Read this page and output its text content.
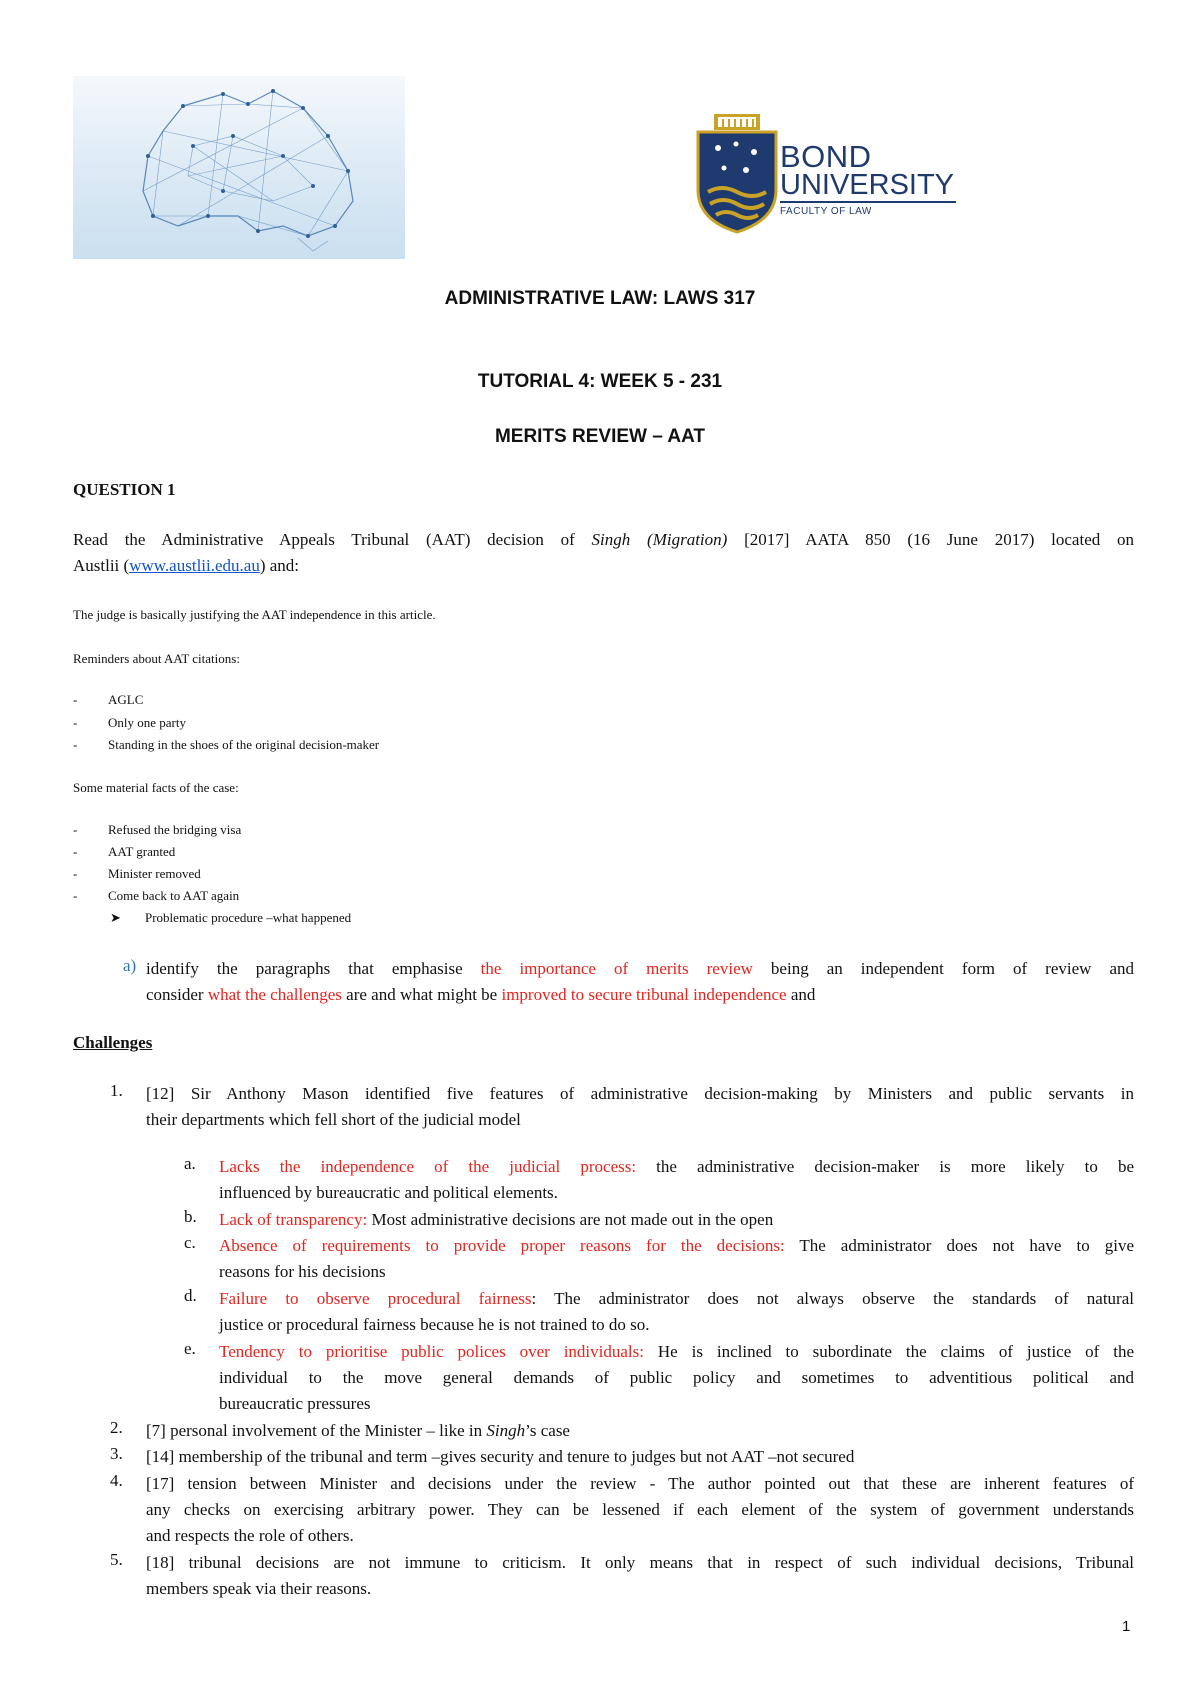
BOND
UNIVERSITY
FACULTY OF LAW
ADMINISTRATIVE LAW: LAWS 317
TUTORIAL 4: WEEK 5 - 231
MERITS REVIEW – AAT
QUESTION 1
Read the Administrative Appeals Tribunal (AAT) decision of Singh (Migration) [2017] AATA 850 (16 June 2017) located on
Austlii (www.austlii.edu.au) and:
The judge is basically justifying the AAT independence in this article.
Reminders about AAT citations:
- AGLC
- Only one party
- Standing in the shoes of the original decision-maker
Some material facts of the case:
- Refused the bridging visa
- AAT granted
- Minister removed
- Come back to AAT again
➤ Problematic procedure –what happened
a) identify the paragraphs that emphasise the importance of merits review being an independent form of review and
consider what the challenges are and what might be improved to secure tribunal independence and
Challenges
1. [12] Sir Anthony Mason identified five features of administrative decision-making by Ministers and public servants in
their departments which fell short of the judicial model
a. Lacks the independence of the judicial process: the administrative decision-maker is more likely to be
influenced by bureaucratic and political elements.
b. Lack of transparency: Most administrative decisions are not made out in the open
c. Absence of requirements to provide proper reasons for the decisions: The administrator does not have to give
reasons for his decisions
d. Failure to observe procedural fairness: The administrator does not always observe the standards of natural
justice or procedural fairness because he is not trained to do so.
e. Tendency to prioritise public polices over individuals: He is inclined to subordinate the claims of justice of the
individual to the move general demands of public policy and sometimes to adventitious political and
bureaucratic pressures
2. [7] personal involvement of the Minister – like in Singh’s case
3. [14] membership of the tribunal and term –gives security and tenure to judges but not AAT –not secured
4. [17] tension between Minister and decisions under the review - The author pointed out that these are inherent features of
any checks on exercising arbitrary power. They can be lessened if each element of the system of government understands
and respects the role of others.
5. [18] tribunal decisions are not immune to criticism. It only means that in respect of such individual decisions, Tribunal
members speak via their reasons.
1
